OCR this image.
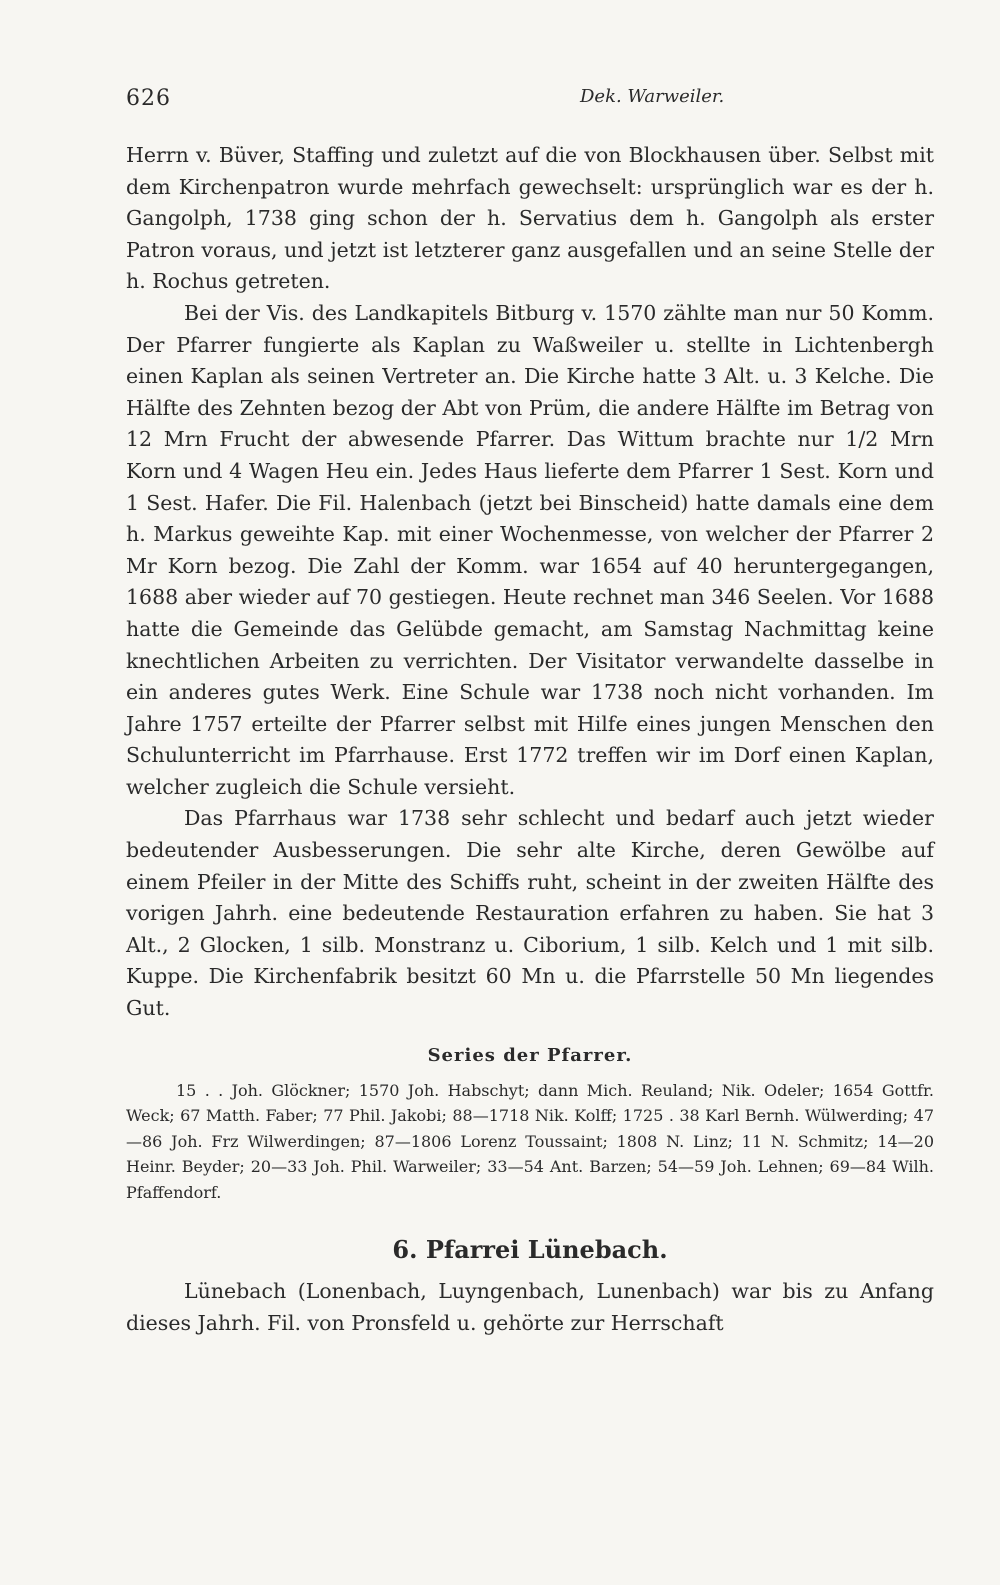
626	Dek. Warweiler.

Herrn v. Büver, Staffing und zuletzt auf die von Blockhausen über. Selbst mit dem Kirchenpatron wurde mehrfach gewechselt: ursprünglich war es der h. Gangolph, 1738 ging schon der h. Servatius dem h. Gangolph als erster Patron voraus, und jetzt ist letzterer ganz ausgefallen und an seine Stelle der h. Rochus getreten.

Bei der Vis. des Landkapitels Bitburg v. 1570 zählte man nur 50 Komm. Der Pfarrer fungierte als Kaplan zu Waßweiler u. stellte in Lichtenbergh einen Kaplan als seinen Vertreter an. Die Kirche hatte 3 Alt. u. 3 Kelche. Die Hälfte des Zehnten bezog der Abt von Prüm, die andere Hälfte im Betrag von 12 Mrn Frucht der abwesende Pfarrer. Das Wittum brachte nur 1/2 Mrn Korn und 4 Wagen Heu ein. Jedes Haus lieferte dem Pfarrer 1 Sest. Korn und 1 Sest. Hafer. Die Fil. Halenbach (jetzt bei Binscheid) hatte damals eine dem h. Markus geweihte Kap. mit einer Wochenmesse, von welcher der Pfarrer 2 Mr Korn bezog. Die Zahl der Komm. war 1654 auf 40 heruntergegangen, 1688 aber wieder auf 70 gestiegen. Heute rechnet man 346 Seelen. Vor 1688 hatte die Gemeinde das Gelübde gemacht, am Samstag Nachmittag keine knechtlichen Arbeiten zu verrichten. Der Visitator verwandelte dasselbe in ein anderes gutes Werk. Eine Schule war 1738 noch nicht vorhanden. Im Jahre 1757 erteilte der Pfarrer selbst mit Hilfe eines jungen Menschen den Schulunterricht im Pfarrhause. Erst 1772 treffen wir im Dorf einen Kaplan, welcher zugleich die Schule versieht.

Das Pfarrhaus war 1738 sehr schlecht und bedarf auch jetzt wieder bedeutender Ausbesserungen. Die sehr alte Kirche, deren Gewölbe auf einem Pfeiler in der Mitte des Schiffs ruht, scheint in der zweiten Hälfte des vorigen Jahrh. eine bedeutende Restauration erfahren zu haben. Sie hat 3 Alt., 2 Glocken, 1 silb. Monstranz u. Ciborium, 1 silb. Kelch und 1 mit silb. Kuppe. Die Kirchenfabrik besitzt 60 Mn u. die Pfarrstelle 50 Mn liegendes Gut.

Series der Pfarrer.

15 . . Joh. Glöckner; 1570 Joh. Habschyt; dann Mich. Reuland; Nik. Odeler; 1654 Gottfr. Weck; 67 Matth. Faber; 77 Phil. Jakobi; 88—1718 Nik. Kolff; 1725 . 38 Karl Bernh. Wülwerding; 47—86 Joh. Frz Wilwerdingen; 87—1806 Lorenz Toussaint; 1808 N. Linz; 11 N. Schmitz; 14—20 Heinr. Beyder; 20—33 Joh. Phil. Warweiler; 33—54 Ant. Barzen; 54—59 Joh. Lehnen; 69—84 Wilh. Pfaffendorf.

6. Pfarrei Lünebach.

Lünebach (Lonenbach, Luyngenbach, Lunenbach) war bis zu Anfang dieses Jahrh. Fil. von Pronsfeld u. gehörte zur Herrschaft
